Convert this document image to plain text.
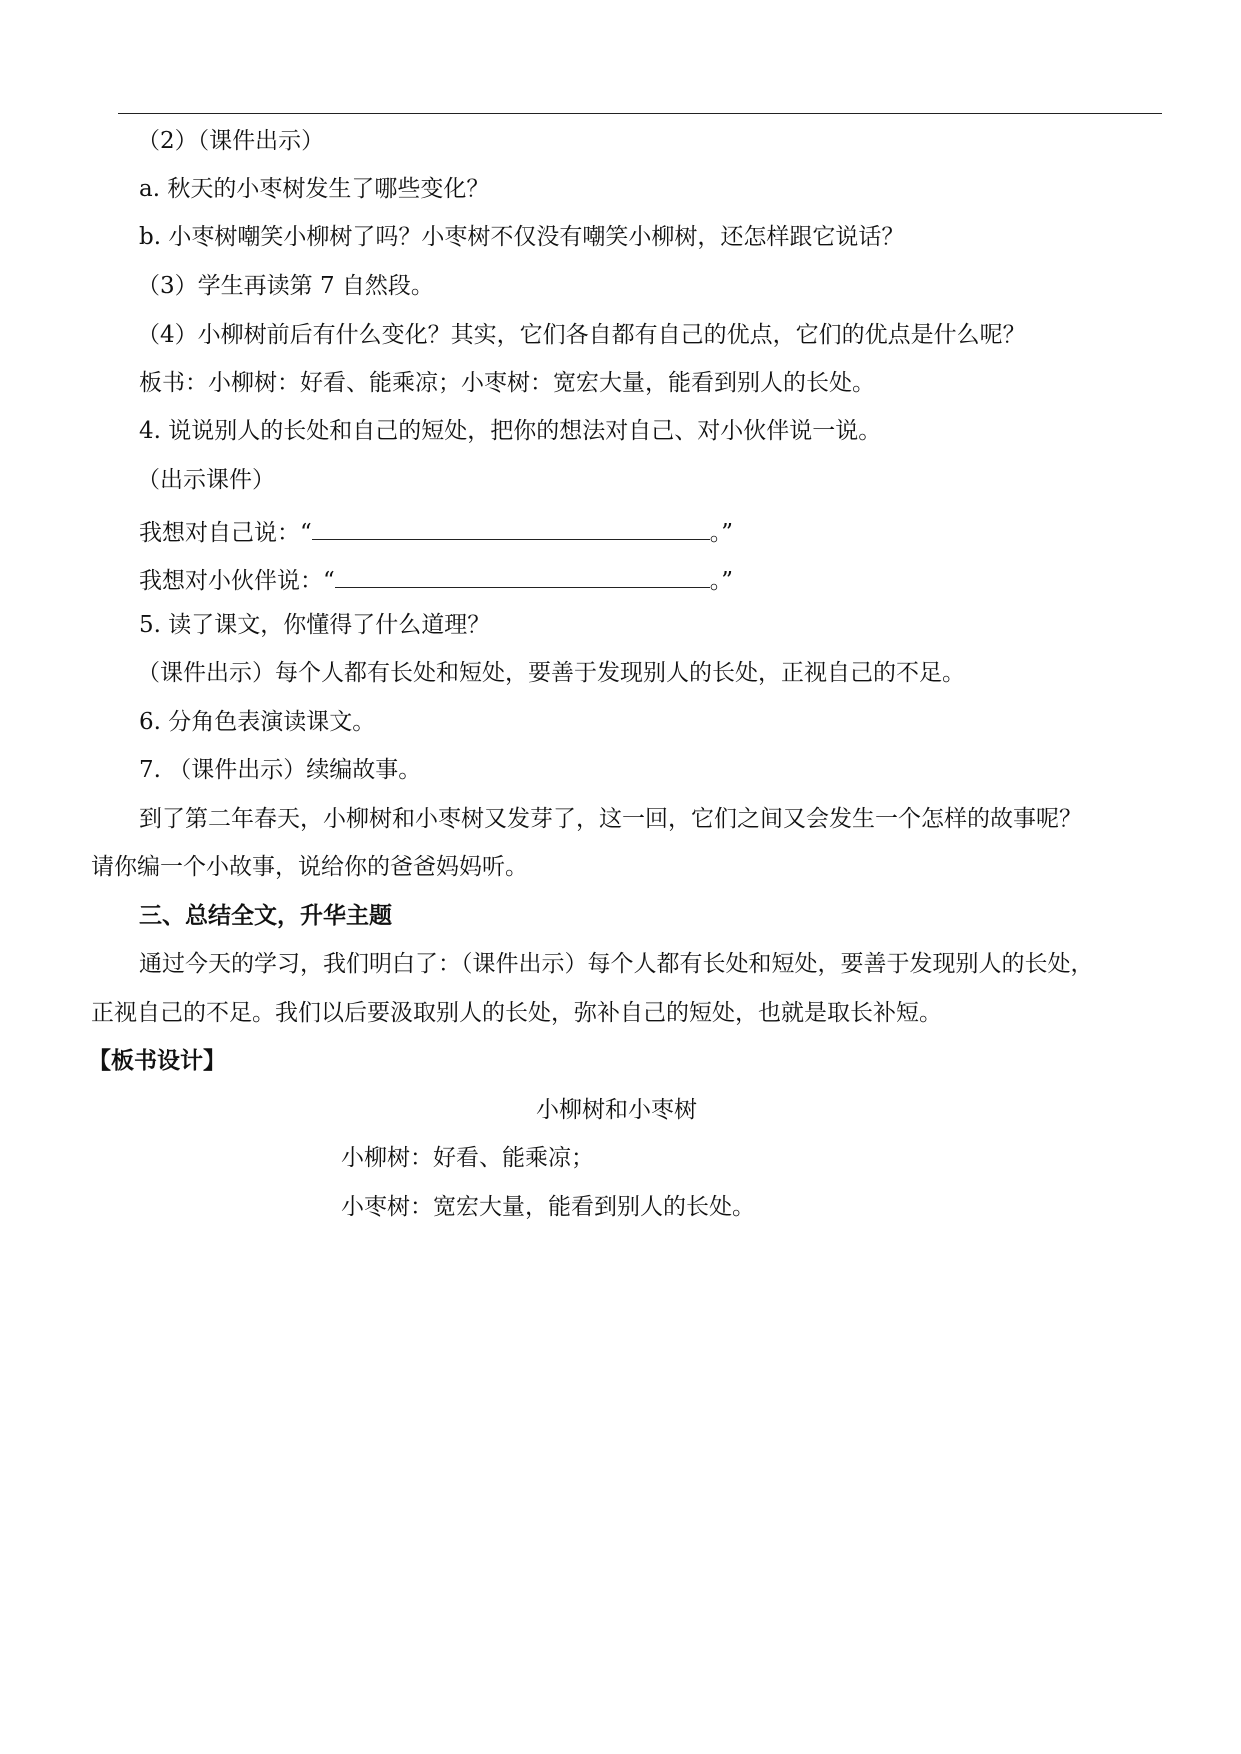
（2）（课件出示）
a. 秋天的小枣树发生了哪些变化？
b. 小枣树嘲笑小柳树了吗？小枣树不仅没有嘲笑小柳树，还怎样跟它说话？
（3）学生再读第 7 自然段。
（4）小柳树前后有什么变化？其实，它们各自都有自己的优点，它们的优点是什么呢？
板书：小柳树：好看、能乘凉；小枣树：宽宏大量，能看到别人的长处。
4. 说说别人的长处和自己的短处，把你的想法对自己、对小伙伴说一说。
（出示课件）
我想对自己说：“	。”
我想对小伙伴说：“	。”
5. 读了课文，你懂得了什么道理？
（课件出示）每个人都有长处和短处，要善于发现别人的长处，正视自己的不足。
6. 分角色表演读课文。
7. （课件出示）续编故事。
到了第二年春天，小柳树和小枣树又发芽了，这一回，它们之间又会发生一个怎样的故事呢？
请你编一个小故事，说给你的爸爸妈妈听。
三、总结全文，升华主题
通过今天的学习，我们明白了：（课件出示）每个人都有长处和短处，要善于发现别人的长处，
正视自己的不足。我们以后要汲取别人的长处，弥补自己的短处，也就是取长补短。
【板书设计】
小柳树和小枣树
小柳树：好看、能乘凉；
小枣树：宽宏大量，能看到别人的长处。
